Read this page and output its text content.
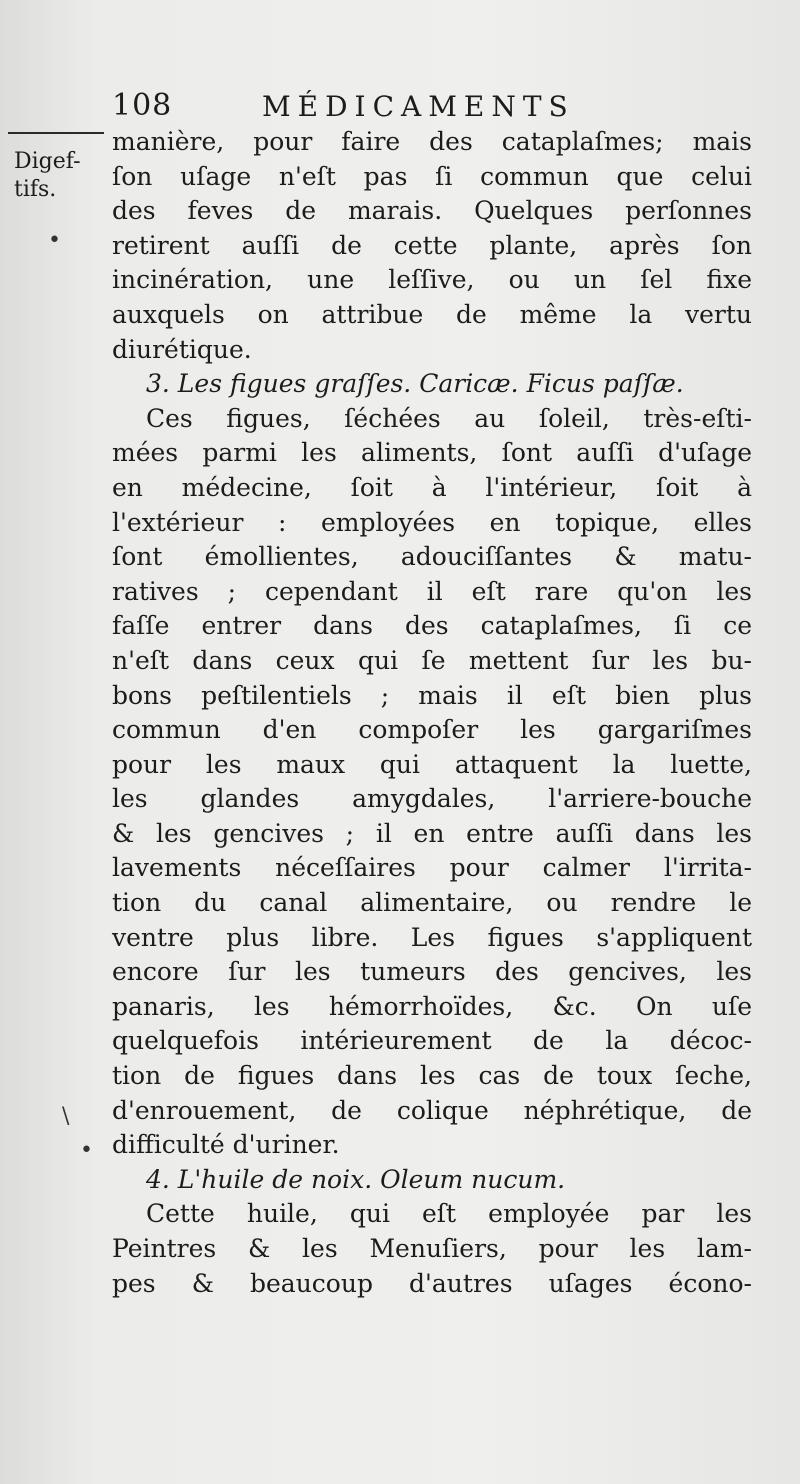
108	MÉDICAMENTS
Digef-
tifs.
•
\
•
manière, pour faire des cataplaſmes; mais
ſon uſage n'eſt pas ſi commun que celui
des feves de marais. Quelques perſonnes
retirent auſſi de cette plante, après ſon
incinération, une leſſive, ou un ſel fixe
auxquels on attribue de même la vertu
diurétique.
3. Les figues graſſes. Caricæ. Ficus paſſæ.
Ces figues, ſéchées au ſoleil, très-eſti-
mées parmi les aliments, ſont auſſi d'uſage
en médecine, ſoit à l'intérieur, ſoit à
l'extérieur : employées en topique, elles
ſont émollientes, adouciſſantes & matu-
ratives ; cependant il eſt rare qu'on les
faſſe entrer dans des cataplaſmes, ſi ce
n'eſt dans ceux qui ſe mettent ſur les bu-
bons peſtilentiels ; mais il eſt bien plus
commun d'en compoſer les gargariſmes
pour les maux qui attaquent la luette,
les glandes amygdales, l'arriere-bouche
& les gencives ; il en entre auſſi dans les
lavements néceſſaires pour calmer l'irrita-
tion du canal alimentaire, ou rendre le
ventre plus libre. Les figues s'appliquent
encore ſur les tumeurs des gencives, les
panaris, les hémorrhoïdes, &c. On uſe
quelquefois intérieurement de la décoc-
tion de figues dans les cas de toux ſeche,
d'enrouement, de colique néphrétique, de
difficulté d'uriner.
4. L'huile de noix. Oleum nucum.
Cette huile, qui eſt employée par les
Peintres & les Menuſiers, pour les lam-
pes & beaucoup d'autres uſages écono-
